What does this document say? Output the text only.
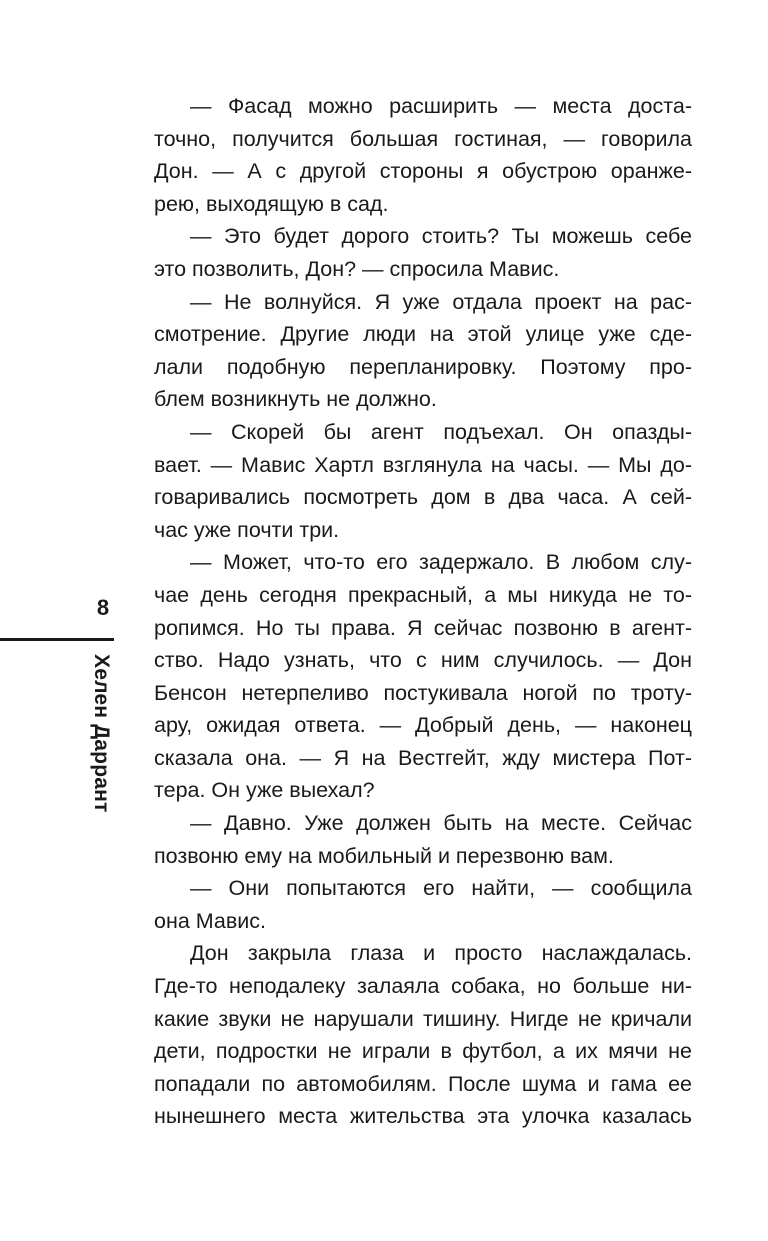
8
Хелен Даррант
— Фасад можно расширить — места доста-
точно, получится большая гостиная, — говорила
Дон. — А с другой стороны я обустрою оранже-
рею, выходящую в сад.
— Это будет дорого стоить? Ты можешь себе
это позволить, Дон? — спросила Мавис.
— Не волнуйся. Я уже отдала проект на рас-
смотрение. Другие люди на этой улице уже сде-
лали подобную перепланировку. Поэтому про-
блем возникнуть не должно.
— Скорей бы агент подъехал. Он опазды-
вает. — Мавис Хартл взглянула на часы. — Мы до-
говаривались посмотреть дом в два часа. А сей-
час уже почти три.
— Может, что-то его задержало. В любом слу-
чае день сегодня прекрасный, а мы никуда не то-
ропимся. Но ты права. Я сейчас позвоню в агент-
ство. Надо узнать, что с ним случилось. — Дон
Бенсон нетерпеливо постукивала ногой по троту-
ару, ожидая ответа. — Добрый день, — наконец
сказала она. — Я на Вестгейт, жду мистера Пот-
тера. Он уже выехал?
— Давно. Уже должен быть на месте. Сейчас
позвоню ему на мобильный и перезвоню вам.
— Они попытаются его найти, — сообщила
она Мавис.
Дон закрыла глаза и просто наслаждалась.
Где-то неподалеку залаяла собака, но больше ни-
какие звуки не нарушали тишину. Нигде не кричали
дети, подростки не играли в футбол, а их мячи не
попадали по автомобилям. После шума и гама ее
нынешнего места жительства эта улочка казалась
